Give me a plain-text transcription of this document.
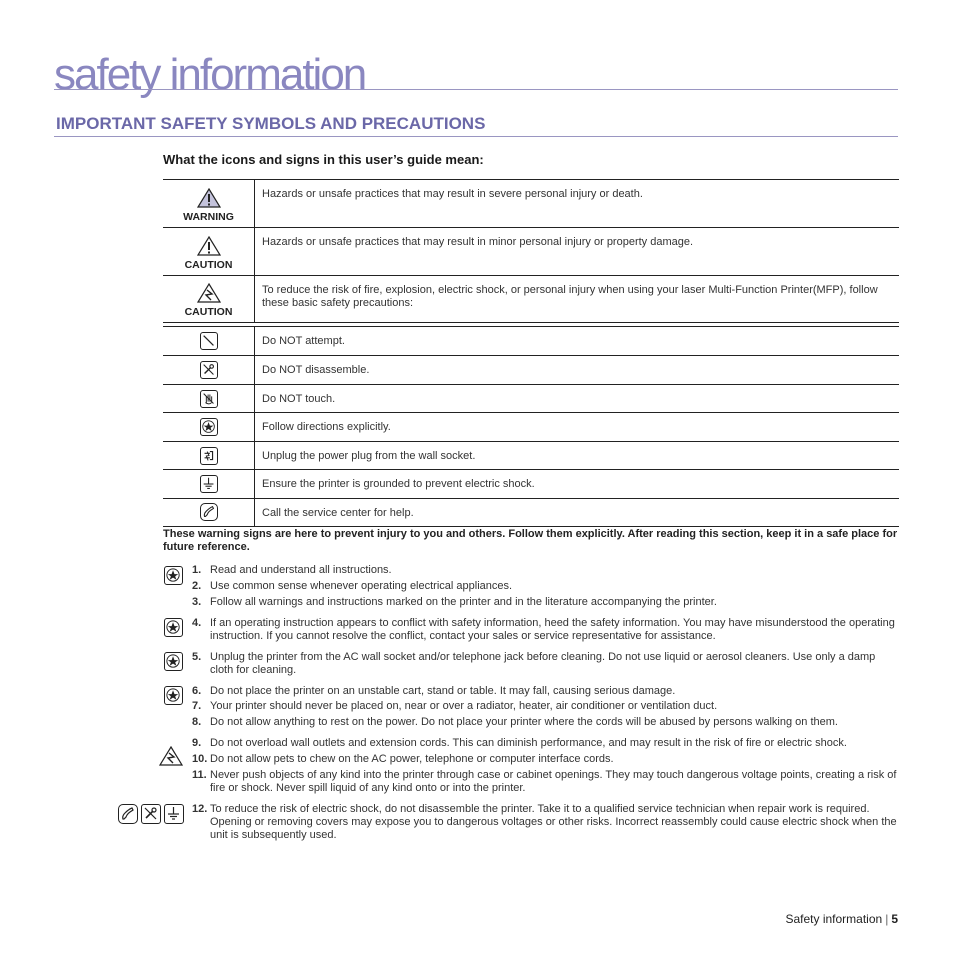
safety information
IMPORTANT SAFETY SYMBOLS AND PRECAUTIONS
What the icons and signs in this user’s guide mean:
WARNING	Hazards or unsafe practices that may result in severe personal injury or death.

CAUTION	Hazards or unsafe practices that may result in minor personal injury or property damage.

CAUTION	To reduce the risk of fire, explosion, electric shock, or personal injury when using your laser Multi-Function Printer(MFP), follow these basic safety precautions:
	Do NOT attempt.

	Do NOT disassemble.

	Do NOT touch.

	Follow directions explicitly.

	Unplug the power plug from the wall socket.

	Ensure the printer is grounded to prevent electric shock.

	Call the service center for help.

These warning signs are here to prevent injury to you and others. Follow them explicitly. After reading this section, keep it in a safe place for future reference.

1. Read and understand all instructions.
2. Use common sense whenever operating electrical appliances.
3. Follow all warnings and instructions marked on the printer and in the literature accompanying the printer.
4. If an operating instruction appears to conflict with safety information, heed the safety information. You may have misunderstood the operating instruction. If you cannot resolve the conflict, contact your sales or service representative for assistance.
5. Unplug the printer from the AC wall socket and/or telephone jack before cleaning. Do not use liquid or aerosol cleaners. Use only a damp cloth for cleaning.
6. Do not place the printer on an unstable cart, stand or table. It may fall, causing serious damage.
7. Your printer should never be placed on, near or over a radiator, heater, air conditioner or ventilation duct.
8. Do not allow anything to rest on the power. Do not place your printer where the cords will be abused by persons walking on them.
9. Do not overload wall outlets and extension cords. This can diminish performance, and may result in the risk of fire or electric shock.
10. Do not allow pets to chew on the AC power, telephone or computer interface cords.
11. Never push objects of any kind into the printer through case or cabinet openings. They may touch dangerous voltage points, creating a risk of fire or shock. Never spill liquid of any kind onto or into the printer.
12. To reduce the risk of electric shock, do not disassemble the printer. Take it to a qualified service technician when repair work is required. Opening or removing covers may expose you to dangerous voltages or other risks. Incorrect reassembly could cause electric shock when the unit is subsequently used.
Safety information | 5
